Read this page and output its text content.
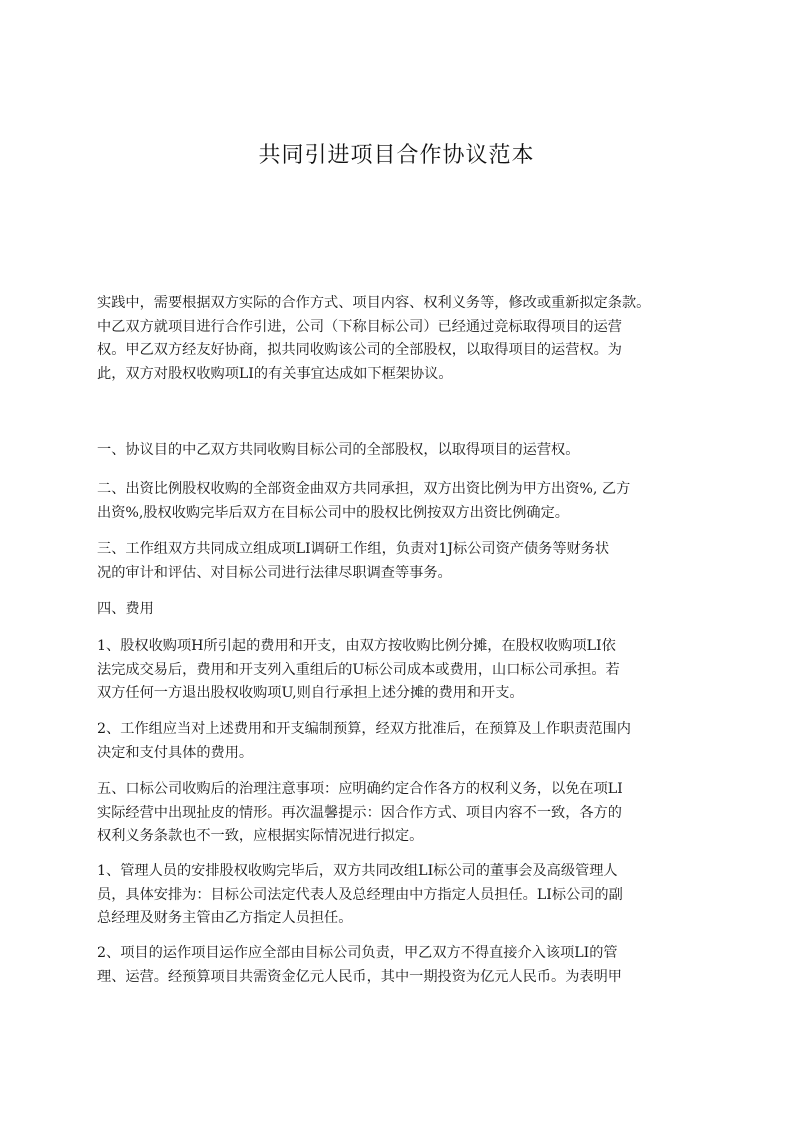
共同引进项目合作协议范本

实践中，需要根据双方实际的合作方式、项目内容、权利义务等，修改或重新拟定条款。
中乙双方就项目进行合作引进，公司（下称目标公司）已经通过竞标取得项目的运营
权。甲乙双方经友好协商，拟共同收购该公司的全部股权，以取得项目的运营权。为
此，双方对股权收购项LI的有关事宜达成如下框架协议。

一、协议目的中乙双方共同收购目标公司的全部股权，以取得项目的运营权。

二、出资比例股权收购的全部资金曲双方共同承担，双方出资比例为甲方出资%, 乙方
出资%,股权收购完毕后双方在目标公司中的股权比例按双方出资比例确定。

三、工作组双方共同成立组成项LI调研工作组，负责对1J标公司资产债务等财务状
况的审计和评估、对目标公司进行法律尽职调查等事务。

四、费用

1、股权收购项H所引起的费用和开支，由双方按收购比例分摊，在股权收购项LI依
法完成交易后，费用和开支列入重组后的U标公司成本或费用，山口标公司承担。若
双方任何一方退出股权收购项U,则自行承担上述分摊的费用和开支。

2、工作组应当对上述费用和开支编制预算，经双方批准后，在预算及丄作职责范围内
决定和支付具体的费用。

五、口标公司收购后的治理注意事项：应明确约定合作各方的权利义务，以免在项LI
实际经营中出现扯皮的情形。再次温馨提示：因合作方式、项目内容不一致，各方的
权利义务条款也不一致，应根据实际情况进行拟定。

1、管理人员的安排股权收购完毕后，双方共同改组LI标公司的董事会及高级管理人
员，具体安排为：目标公司法定代表人及总经理由中方指定人员担任。LI标公司的副
总经理及财务主管由乙方指定人员担任。

2、项目的运作项目运作应全部由目标公司负责，甲乙双方不得直接介入该项LI的管
理、运营。经预算项目共需资金亿元人民币，其中一期投资为亿元人民币。为表明甲
